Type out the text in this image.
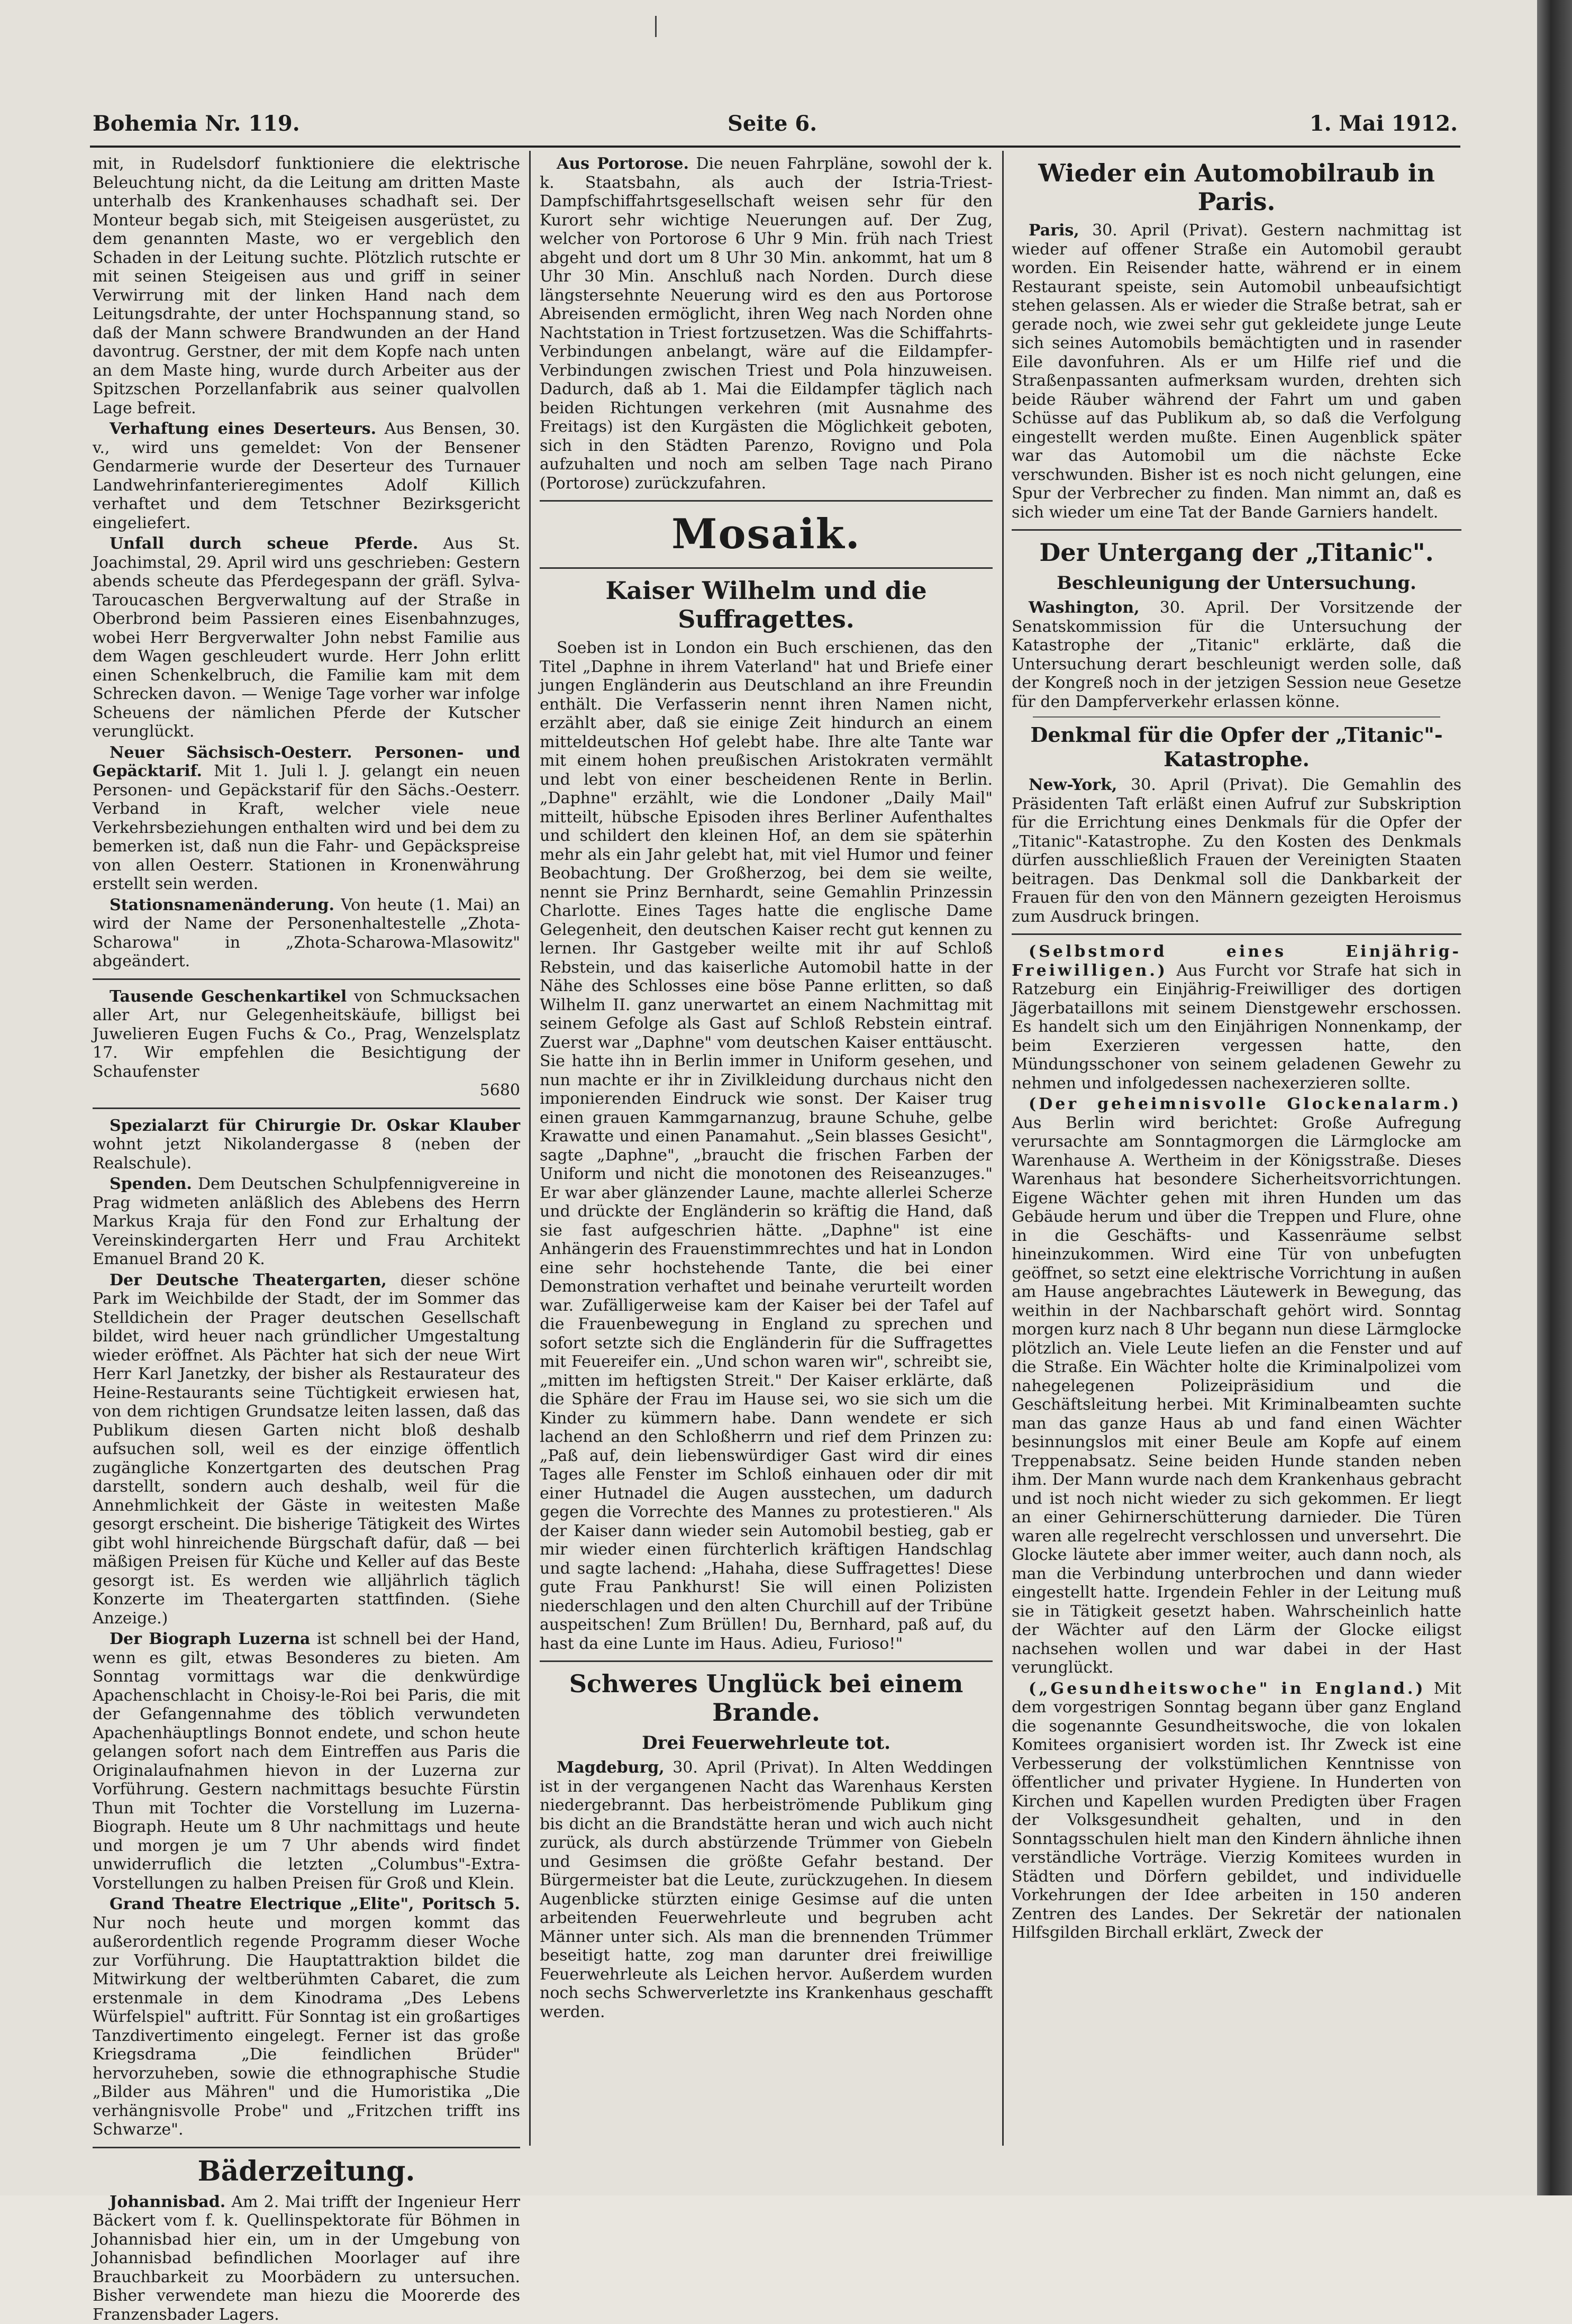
Bohemia Nr. 119.	Seite 6.	1. Mai 1912.

mit, in Rudelsdorf funktioniere die elektrische Beleuchtung nicht, da die Leitung am dritten Maste unterhalb des Krankenhauses schadhaft sei. Der Monteur begab sich, mit Steigeisen ausgerüstet, zu dem genannten Maste, wo er vergeblich den Schaden in der Leitung suchte. Plötzlich rutschte er mit seinen Steigeisen aus und griff in seiner Verwirrung mit der linken Hand nach dem Leitungsdrahte, der unter Hochspannung stand, so daß der Mann schwere Brandwunden an der Hand davontrug. Gerstner, der mit dem Kopfe nach unten an dem Maste hing, wurde durch Arbeiter aus der Spitzschen Porzellanfabrik aus seiner qualvollen Lage befreit.

Verhaftung eines Deserteurs. Aus Bensen, 30. v., wird uns gemeldet: Von der Bensener Gendarmerie wurde der Deserteur des Turnauer Landwehrinfanterieregimentes Adolf Killich verhaftet und dem Tetschner Bezirksgericht eingeliefert.

Unfall durch scheue Pferde. Aus St. Joachimstal, 29. April wird uns geschrieben: Gestern abends scheute das Pferdegespann der gräfl. Sylva-Taroucaschen Bergverwaltung auf der Straße in Oberbrond beim Passieren eines Eisenbahnzuges, wobei Herr Bergverwalter John nebst Familie aus dem Wagen geschleudert wurde. Herr John erlitt einen Schenkelbruch, die Familie kam mit dem Schrecken davon. — Wenige Tage vorher war infolge Scheuens der nämlichen Pferde der Kutscher verunglückt.

Neuer Sächsisch-Oesterr. Personen- und Gepäcktarif. Mit 1. Juli l. J. gelangt ein neuen Personen- und Gepäckstarif für den Sächs.-Oesterr. Verband in Kraft, welcher viele neue Verkehrsbeziehungen enthalten wird und bei dem zu bemerken ist, daß nun die Fahr- und Gepäckspreise von allen Oesterr. Stationen in Kronenwährung erstellt sein werden.

Stationsnamenänderung. Von heute (1. Mai) an wird der Name der Personenhaltestelle „Zhota-Scharowa" in „Zhota-Scharowa-Mlasowitz" abgeändert.

Tausende Geschenkartikel von Schmucksachen aller Art, nur Gelegenheitskäufe, billigst bei Juwelieren Eugen Fuchs & Co., Prag, Wenzelsplatz 17. Wir empfehlen die Besichtigung der Schaufenster
5680

Spezialarzt für Chirurgie Dr. Oskar Klauber wohnt jetzt Nikolandergasse 8 (neben der Realschule).

Spenden. Dem Deutschen Schulpfennigvereine in Prag widmeten anläßlich des Ablebens des Herrn Markus Kraja für den Fond zur Erhaltung der Vereinskindergarten Herr und Frau Architekt Emanuel Brand 20 K.

Der Deutsche Theatergarten, dieser schöne Park im Weichbilde der Stadt, der im Sommer das Stelldichein der Prager deutschen Gesellschaft bildet, wird heuer nach gründlicher Umgestaltung wieder eröffnet. Als Pächter hat sich der neue Wirt Herr Karl Janetzky, der bisher als Restaurateur des Heine-Restaurants seine Tüchtigkeit erwiesen hat, von dem richtigen Grundsatze leiten lassen, daß das Publikum diesen Garten nicht bloß deshalb aufsuchen soll, weil es der einzige öffentlich zugängliche Konzertgarten des deutschen Prag darstellt, sondern auch deshalb, weil für die Annehmlichkeit der Gäste in weitesten Maße gesorgt erscheint. Die bisherige Tätigkeit des Wirtes gibt wohl hinreichende Bürgschaft dafür, daß — bei mäßigen Preisen für Küche und Keller auf das Beste gesorgt ist. Es werden wie alljährlich täglich Konzerte im Theatergarten stattfinden. (Siehe Anzeige.)

Der Biograph Luzerna ist schnell bei der Hand, wenn es gilt, etwas Besonderes zu bieten. Am Sonntag vormittags war die denkwürdige Apachenschlacht in Choisy-le-Roi bei Paris, die mit der Gefangennahme des töblich verwundeten Apachenhäuptlings Bonnot endete, und schon heute gelangen sofort nach dem Eintreffen aus Paris die Originalaufnahmen hievon in der Luzerna zur Vorführung. Gestern nachmittags besuchte Fürstin Thun mit Tochter die Vorstellung im Luzerna-Biograph. Heute um 8 Uhr nachmittags und heute und morgen je um 7 Uhr abends wird findet unwiderruflich die letzten „Columbus"-Extra-Vorstellungen zu halben Preisen für Groß und Klein.

Grand Theatre Electrique „Elite", Poritsch 5. Nur noch heute und morgen kommt das außerordentlich regende Programm dieser Woche zur Vorführung. Die Hauptattraktion bildet die Mitwirkung der weltberühmten Cabaret, die zum erstenmale in dem Kinodrama „Des Lebens Würfelspiel" auftritt. Für Sonntag ist ein großartiges Tanzdivertimento eingelegt. Ferner ist das große Kriegsdrama „Die feindlichen Brüder" hervorzuheben, sowie die ethnographische Studie „Bilder aus Mähren" und die Humoristika „Die verhängnisvolle Probe" und „Fritzchen trifft ins Schwarze".

Bäderzeitung.

Johannisbad. Am 2. Mai trifft der Ingenieur Herr Bäckert vom f. k. Quellinspektorate für Böhmen in Johannisbad hier ein, um in der Umgebung von Johannisbad befindlichen Moorlager auf ihre Brauchbarkeit zu Moorbädern zu untersuchen. Bisher verwendete man hiezu die Moorerde des Franzensbader Lagers.

Aus Portorose. Die neuen Fahrpläne, sowohl der k. k. Staatsbahn, als auch der Istria-Triest-Dampfschiffahrtsgesellschaft weisen sehr für den Kurort sehr wichtige Neuerungen auf. Der Zug, welcher von Portorose 6 Uhr 9 Min. früh nach Triest abgeht und dort um 8 Uhr 30 Min. ankommt, hat um 8 Uhr 30 Min. Anschluß nach Norden. Durch diese längstersehnte Neuerung wird es den aus Portorose Abreisenden ermöglicht, ihren Weg nach Norden ohne Nachtstation in Triest fortzusetzen. Was die Schiffahrts-Verbindungen anbelangt, wäre auf die Eildampfer-Verbindungen zwischen Triest und Pola hinzuweisen. Dadurch, daß ab 1. Mai die Eildampfer täglich nach beiden Richtungen verkehren (mit Ausnahme des Freitags) ist den Kurgästen die Möglichkeit geboten, sich in den Städten Parenzo, Rovigno und Pola aufzuhalten und noch am selben Tage nach Pirano (Portorose) zurückzufahren.

Mosaik.
Kaiser Wilhelm und die Suffragettes.

Soeben ist in London ein Buch erschienen, das den Titel „Daphne in ihrem Vaterland" hat und Briefe einer jungen Engländerin aus Deutschland an ihre Freundin enthält. Die Verfasserin nennt ihren Namen nicht, erzählt aber, daß sie einige Zeit hindurch an einem mitteldeutschen Hof gelebt habe. Ihre alte Tante war mit einem hohen preußischen Aristokraten vermählt und lebt von einer bescheidenen Rente in Berlin. „Daphne" erzählt, wie die Londoner „Daily Mail" mitteilt, hübsche Episoden ihres Berliner Aufenthaltes und schildert den kleinen Hof, an dem sie späterhin mehr als ein Jahr gelebt hat, mit viel Humor und feiner Beobachtung. Der Großherzog, bei dem sie weilte, nennt sie Prinz Bernhardt, seine Gemahlin Prinzessin Charlotte. Eines Tages hatte die englische Dame Gelegenheit, den deutschen Kaiser recht gut kennen zu lernen. Ihr Gastgeber weilte mit ihr auf Schloß Rebstein, und das kaiserliche Automobil hatte in der Nähe des Schlosses eine böse Panne erlitten, so daß Wilhelm II. ganz unerwartet an einem Nachmittag mit seinem Gefolge als Gast auf Schloß Rebstein eintraf. Zuerst war „Daphne" vom deutschen Kaiser enttäuscht. Sie hatte ihn in Berlin immer in Uniform gesehen, und nun machte er ihr in Zivilkleidung durchaus nicht den imponierenden Eindruck wie sonst. Der Kaiser trug einen grauen Kammgarnanzug, braune Schuhe, gelbe Krawatte und einen Panamahut. „Sein blasses Gesicht", sagte „Daphne", „braucht die frischen Farben der Uniform und nicht die monotonen des Reiseanzuges." Er war aber glänzender Laune, machte allerlei Scherze und drückte der Engländerin so kräftig die Hand, daß sie fast aufgeschrien hätte. „Daphne" ist eine Anhängerin des Frauenstimmrechtes und hat in London eine sehr hochstehende Tante, die bei einer Demonstration verhaftet und beinahe verurteilt worden war. Zufälligerweise kam der Kaiser bei der Tafel auf die Frauenbewegung in England zu sprechen und sofort setzte sich die Engländerin für die Suffragettes mit Feuereifer ein. „Und schon waren wir", schreibt sie, „mitten im heftigsten Streit." Der Kaiser erklärte, daß die Sphäre der Frau im Hause sei, wo sie sich um die Kinder zu kümmern habe. Dann wendete er sich lachend an den Schloßherrn und rief dem Prinzen zu: „Paß auf, dein liebenswürdiger Gast wird dir eines Tages alle Fenster im Schloß einhauen oder dir mit einer Hutnadel die Augen ausstechen, um dadurch gegen die Vorrechte des Mannes zu protestieren." Als der Kaiser dann wieder sein Automobil bestieg, gab er mir wieder einen fürchterlich kräftigen Handschlag und sagte lachend: „Hahaha, diese Suffragettes! Diese gute Frau Pankhurst! Sie will einen Polizisten niederschlagen und den alten Churchill auf der Tribüne auspeitschen! Zum Brüllen! Du, Bernhard, paß auf, du hast da eine Lunte im Haus. Adieu, Furioso!"

Schweres Unglück bei einem Brande.
Drei Feuerwehrleute tot.

Magdeburg, 30. April (Privat). In Alten Weddingen ist in der vergangenen Nacht das Warenhaus Kersten niedergebrannt. Das herbeiströmende Publikum ging bis dicht an die Brandstätte heran und wich auch nicht zurück, als durch abstürzende Trümmer von Giebeln und Gesimsen die größte Gefahr bestand. Der Bürgermeister bat die Leute, zurückzugehen. In diesem Augenblicke stürzten einige Gesimse auf die unten arbeitenden Feuerwehrleute und begruben acht Männer unter sich. Als man die brennenden Trümmer beseitigt hatte, zog man darunter drei freiwillige Feuerwehrleute als Leichen hervor. Außerdem wurden noch sechs Schwerverletzte ins Krankenhaus geschafft werden.

Wieder ein Automobilraub in Paris.

Paris, 30. April (Privat). Gestern nachmittag ist wieder auf offener Straße ein Automobil geraubt worden. Ein Reisender hatte, während er in einem Restaurant speiste, sein Automobil unbeaufsichtigt stehen gelassen. Als er wieder die Straße betrat, sah er gerade noch, wie zwei sehr gut gekleidete junge Leute sich seines Automobils bemächtigten und in rasender Eile davonfuhren. Als er um Hilfe rief und die Straßenpassanten aufmerksam wurden, drehten sich beide Räuber während der Fahrt um und gaben Schüsse auf das Publikum ab, so daß die Verfolgung eingestellt werden mußte. Einen Augenblick später war das Automobil um die nächste Ecke verschwunden. Bisher ist es noch nicht gelungen, eine Spur der Verbrecher zu finden. Man nimmt an, daß es sich wieder um eine Tat der Bande Garniers handelt.

Der Untergang der „Titanic".
Beschleunigung der Untersuchung.

Washington, 30. April. Der Vorsitzende der Senatskommission für die Untersuchung der Katastrophe der „Titanic" erklärte, daß die Untersuchung derart beschleunigt werden solle, daß der Kongreß noch in der jetzigen Session neue Gesetze für den Dampferverkehr erlassen könne.

Denkmal für die Opfer der „Titanic"-Katastrophe.

New-York, 30. April (Privat). Die Gemahlin des Präsidenten Taft erläßt einen Aufruf zur Subskription für die Errichtung eines Denkmals für die Opfer der „Titanic"-Katastrophe. Zu den Kosten des Denkmals dürfen ausschließlich Frauen der Vereinigten Staaten beitragen. Das Denkmal soll die Dankbarkeit der Frauen für den von den Männern gezeigten Heroismus zum Ausdruck bringen.

(Selbstmord eines Einjährig-Freiwilligen.) Aus Furcht vor Strafe hat sich in Ratzeburg ein Einjährig-Freiwilliger des dortigen Jägerbataillons mit seinem Dienstgewehr erschossen. Es handelt sich um den Einjährigen Nonnenkamp, der beim Exerzieren vergessen hatte, den Mündungsschoner von seinem geladenen Gewehr zu nehmen und infolgedessen nachexerzieren sollte.

(Der geheimnisvolle Glockenalarm.) Aus Berlin wird berichtet: Große Aufregung verursachte am Sonntagmorgen die Lärmglocke am Warenhause A. Wertheim in der Königsstraße. Dieses Warenhaus hat besondere Sicherheitsvorrichtungen. Eigene Wächter gehen mit ihren Hunden um das Gebäude herum und über die Treppen und Flure, ohne in die Geschäfts- und Kassenräume selbst hineinzukommen. Wird eine Tür von unbefugten geöffnet, so setzt eine elektrische Vorrichtung in außen am Hause angebrachtes Läutewerk in Bewegung, das weithin in der Nachbarschaft gehört wird. Sonntag morgen kurz nach 8 Uhr begann nun diese Lärmglocke plötzlich an. Viele Leute liefen an die Fenster und auf die Straße. Ein Wächter holte die Kriminalpolizei vom nahegelegenen Polizeipräsidium und die Geschäftsleitung herbei. Mit Kriminalbeamten suchte man das ganze Haus ab und fand einen Wächter besinnungslos mit einer Beule am Kopfe auf einem Treppenabsatz. Seine beiden Hunde standen neben ihm. Der Mann wurde nach dem Krankenhaus gebracht und ist noch nicht wieder zu sich gekommen. Er liegt an einer Gehirnerschütterung darnieder. Die Türen waren alle regelrecht verschlossen und unversehrt. Die Glocke läutete aber immer weiter, auch dann noch, als man die Verbindung unterbrochen und dann wieder eingestellt hatte. Irgendein Fehler in der Leitung muß sie in Tätigkeit gesetzt haben. Wahrscheinlich hatte der Wächter auf den Lärm der Glocke eiligst nachsehen wollen und war dabei in der Hast verunglückt.

(„Gesundheitswoche" in England.) Mit dem vorgestrigen Sonntag begann über ganz England die sogenannte Gesundheitswoche, die von lokalen Komitees organisiert worden ist. Ihr Zweck ist eine Verbesserung der volkstümlichen Kenntnisse von öffentlicher und privater Hygiene. In Hunderten von Kirchen und Kapellen wurden Predigten über Fragen der Volksgesundheit gehalten, und in den Sonntagsschulen hielt man den Kindern ähnliche ihnen verständliche Vorträge. Vierzig Komitees wurden in Städten und Dörfern gebildet, und individuelle Vorkehrungen der Idee arbeiten in 150 anderen Zentren des Landes. Der Sekretär der nationalen Hilfsgilden Birchall erklärt, Zweck der
